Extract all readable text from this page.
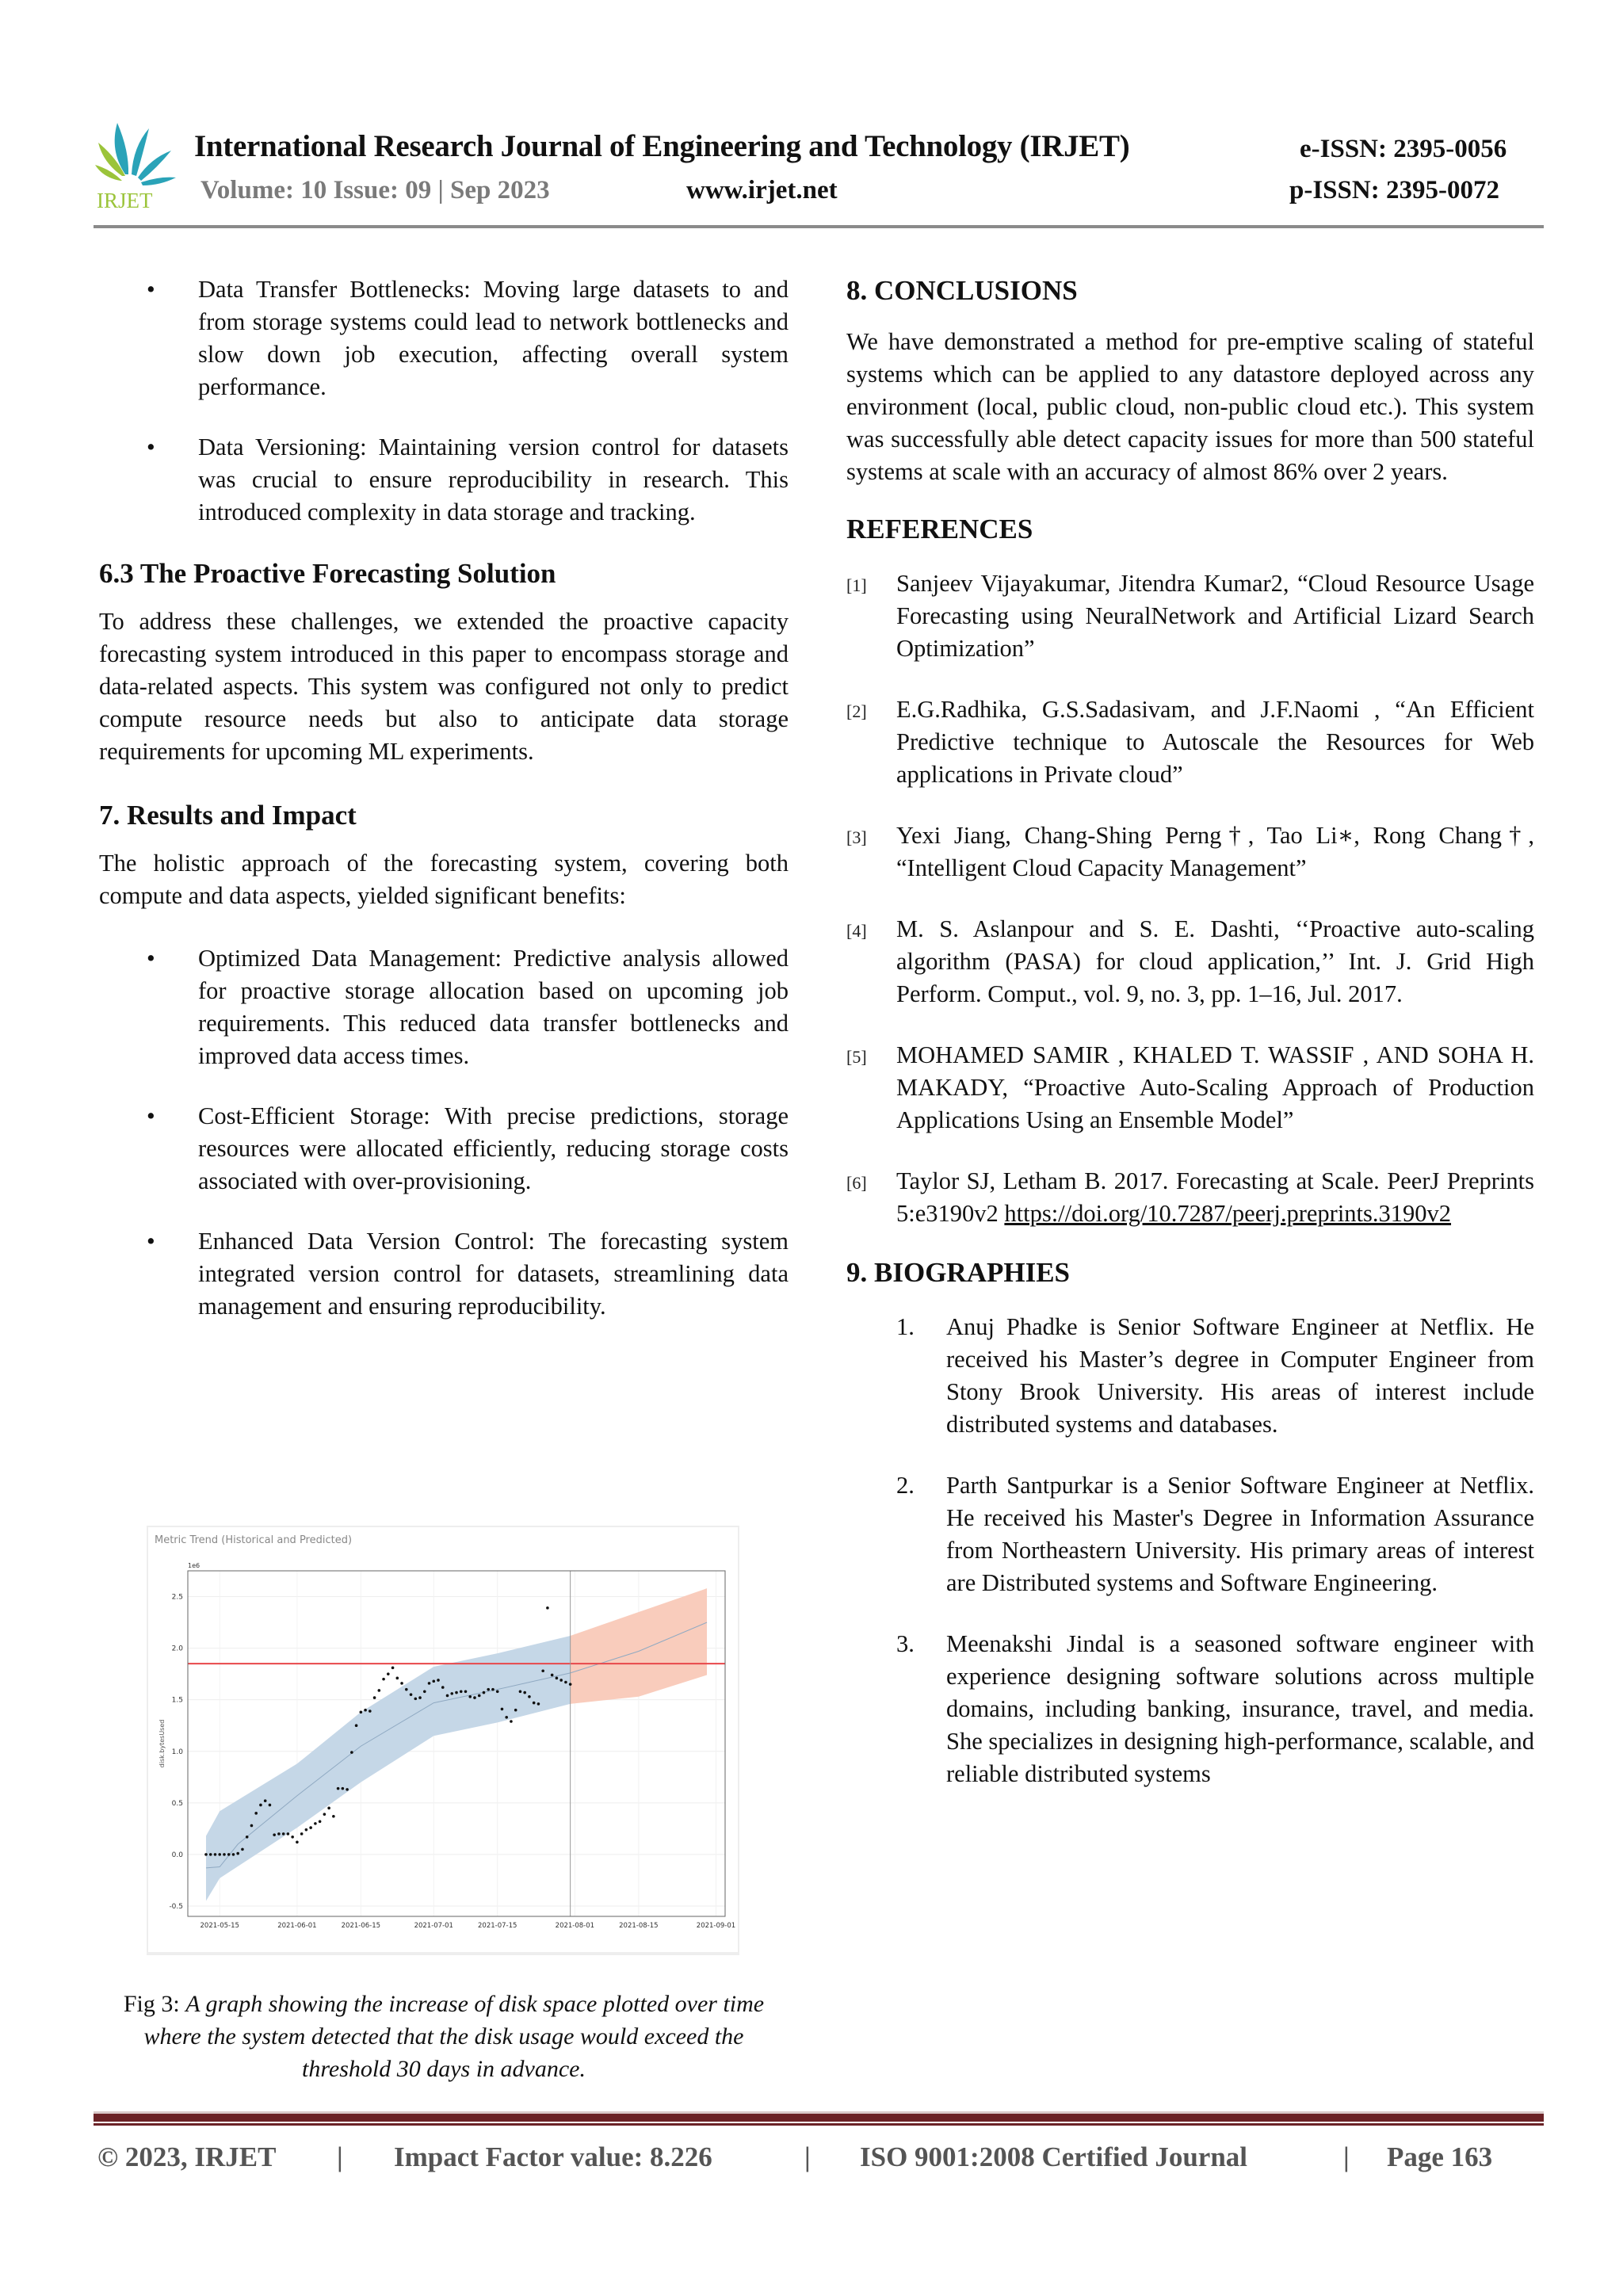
IRJET
International Research Journal of Engineering and Technology (IRJET)	e-ISSN: 2395-0056
Volume: 10 Issue: 09 | Sep 2023	www.irjet.net	p-ISSN: 2395-0072
• Data Transfer Bottlenecks: Moving large datasets to and from storage systems could lead to network bottlenecks and slow down job execution, affecting overall system performance.
• Data Versioning: Maintaining version control for datasets was crucial to ensure reproducibility in research. This introduced complexity in data storage and tracking.
6.3 The Proactive Forecasting Solution

To address these challenges, we extended the proactive capacity forecasting system introduced in this paper to encompass storage and data-related aspects. This system was configured not only to predict compute resource needs but also to anticipate data storage requirements for upcoming ML experiments.

7. Results and Impact

The holistic approach of the forecasting system, covering both compute and data aspects, yielded significant benefits:

• Optimized Data Management: Predictive analysis allowed for proactive storage allocation based on upcoming job requirements. This reduced data transfer bottlenecks and improved data access times.
• Cost-Efficient Storage: With precise predictions, storage resources were allocated efficiently, reducing storage costs associated with over-provisioning.
• Enhanced Data Version Control: The forecasting system integrated version control for datasets, streamlining data management and ensuring reproducibility.
Metric Trend (Historical and Predicted)
-0.5
0.0
0.5
1.0
1.5
2.0
2.5
2021-05-15	2021-06-01	2021-06-15	2021-07-01	2021-07-15	2021-08-01	2021-08-15	2021-09-01
1e6
disk.bytesUsed
Fig 3: A graph showing the increase of disk space plotted over time where the system detected that the disk usage would exceed the threshold 30 days in advance.
8. CONCLUSIONS

We have demonstrated a method for pre-emptive scaling of stateful systems which can be applied to any datastore deployed across any environment (local, public cloud, non-public cloud etc.). This system was successfully able detect capacity issues for more than 500 stateful systems at scale with an accuracy of almost 86% over 2 years.

REFERENCES
[1] Sanjeev Vijayakumar, Jitendra Kumar2, “Cloud Resource Usage Forecasting using NeuralNetwork and Artificial Lizard Search Optimization”
[2] E.G.Radhika, G.S.Sadasivam, and J.F.Naomi , “An Efficient Predictive technique to Autoscale the Resources for Web applications in Private cloud”
[3] Yexi Jiang, Chang-Shing Perng†, Tao Li∗, Rong Chang†, “Intelligent Cloud Capacity Management”
[4] M. S. Aslanpour and S. E. Dashti, ‘‘Proactive auto-scaling algorithm (PASA) for cloud application,’’ Int. J. Grid High Perform. Comput., vol. 9, no. 3, pp. 1–16, Jul. 2017.
[5] MOHAMED SAMIR , KHALED T. WASSIF , AND SOHA H. MAKADY, “Proactive Auto-Scaling Approach of Production Applications Using an Ensemble Model”
[6] Taylor SJ, Letham B. 2017. Forecasting at Scale. PeerJ Preprints 5:e3190v2 https://doi.org/10.7287/peerj.preprints.3190v2
9. BIOGRAPHIES
1. Anuj Phadke is Senior Software Engineer at Netflix. He received his Master’s degree in Computer Engineer from Stony Brook University. His areas of interest include distributed systems and databases.
2. Parth Santpurkar is a Senior Software Engineer at Netflix. He received his Master's Degree in Information Assurance from Northeastern University. His primary areas of interest are Distributed systems and Software Engineering.
3. Meenakshi Jindal is a seasoned software engineer with experience designing software solutions across multiple domains, including banking, insurance, travel, and media. She specializes in designing high-performance, scalable, and reliable distributed systems
© 2023, IRJET | Impact Factor value: 8.226	| ISO 9001:2008 Certified Journal	| Page 163
